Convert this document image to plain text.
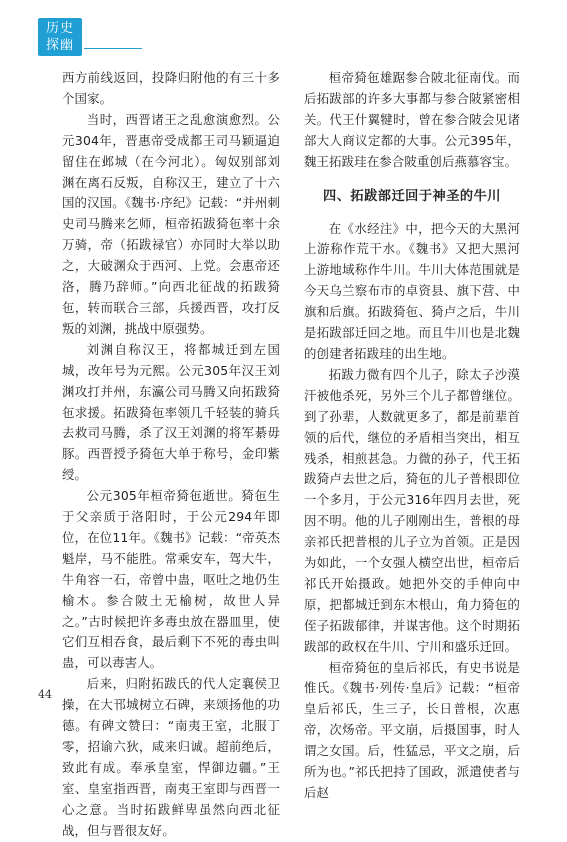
历史
探幽

西方前线返回，投降归附他的有三十多个国家。

当时，西晋诸王之乱愈演愈烈。公元304年，晋惠帝受成都王司马颖逼迫留住在邺城（在今河北）。匈奴别部刘渊在离石反叛，自称汉王，建立了十六国的汉国。《魏书·序纪》记载：“并州刺史司马腾来乞师，桓帝拓跋猗㐌率十余万骑，帝（拓跋禄官）亦同时大举以助之，大破渊众于西河、上党。会惠帝还洛，腾乃辞师。”向西北征战的拓跋猗㐌，转而联合三部，兵援西晋，攻打反叛的刘渊，挑战中原强势。

刘渊自称汉王，将都城迁到左国城，改年号为元熙。公元305年汉王刘渊攻打并州，东瀛公司马腾又向拓跋猗㐌求援。拓跋猗㐌率领几千轻装的骑兵去救司马腾，杀了汉王刘渊的将军綦毋豚。西晋授予猗㐌大单于称号，金印紫绶。

公元305年桓帝猗㐌逝世。猗㐌生于父亲质于洛阳时，于公元294年即位，在位11年。《魏书》记载：“帝英杰魁岸，马不能胜。常乘安车，驾大牛，牛角容一石，帝曾中蛊，呕吐之地仍生榆木。参合陂土无榆树，故世人异之。”古时候把许多毒虫放在器皿里，使它们互相吞食，最后剩下不死的毒虫叫蛊，可以毒害人。

后来，归附拓跋氏的代人定襄侯卫操，在大邗城树立石碑，来颂扬他的功德。有碑文赞曰：“南夷王室，北服丁零，招谕六狄，咸来归诚。超前绝后，致此有成。奉承皇室，悍御边疆。”王室、皇室指西晋，南夷王室即与西晋一心之意。当时拓跋鲜卑虽然向西北征战，但与晋很友好。

桓帝猗㐌雄踞参合陂北征南伐。而后拓跋部的许多大事都与参合陂紧密相关。代王什翼犍时，曾在参合陂会见诸部大人商议定都的大事。公元395年，魏王拓跋珪在参合陂重创后燕慕容宝。

四、拓跋部迁回于神圣的牛川

在《水经注》中，把今天的大黑河上游称作荒干水。《魏书》又把大黑河上游地域称作牛川。牛川大体范围就是今天乌兰察布市的卓资县、旗下营、中旗和后旗。拓跋猗㐌、猗卢之后，牛川是拓跋部迁回之地。而且牛川也是北魏的创建者拓跋珪的出生地。

拓跋力微有四个儿子，除太子沙漠汗被他杀死，另外三个儿子都曾继位。到了孙辈，人数就更多了，都是前辈首领的后代，继位的矛盾相当突出，相互残杀，相煎甚急。力微的孙子，代王拓跋猗卢去世之后，猗㐌的儿子普根即位一个多月，于公元316年四月去世，死因不明。他的儿子刚刚出生，普根的母亲祁氏把普根的儿子立为首领。正是因为如此，一个女强人横空出世，桓帝后祁氏开始摄政。她把外交的手伸向中原，把都城迁到东木根山，角力猗㐌的侄子拓跋郁律，并谋害他。这个时期拓跋部的政权在牛川、宁川和盛乐迁回。

桓帝猗㐌的皇后祁氏，有史书说是惟氏。《魏书·列传·皇后》记载：“桓帝皇后祁氏，生三子，长日普根，次惠帝，次炀帝。平文崩，后摄国事，时人谓之女国。后，性猛忌，平文之崩，后所为也。”祁氏把持了国政，派遣使者与后赵

44
